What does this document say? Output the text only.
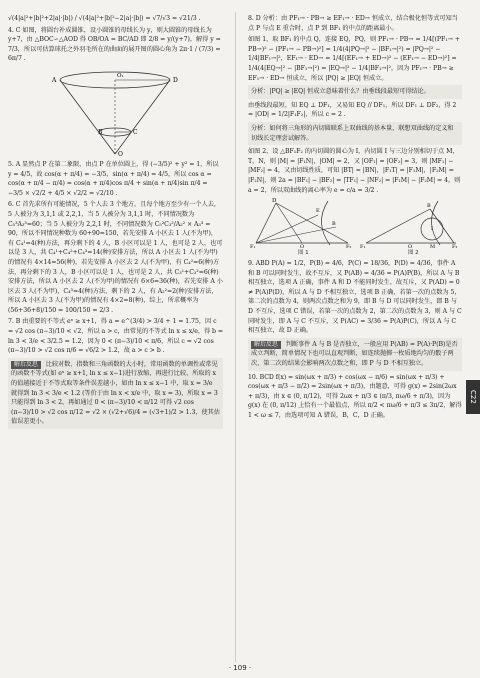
√(4|a|²+|b|²+2|a|·|b|) / √(4|a|²+|b|²−2|a|·|b|) = √7/√3 = √21/3 .

4. C 如图，将圆台补成圆锥，设小圆锥的母线长为 y，则大圆锥的母线长为 y+7，由 △BOC∽△AOD 得 OB/OA = BC/AD 即 2/8 = y/(y+7)，解得 y = 7/3，所以可估算球托之外羽毛所在的曲面的展开图的圆心角为 2π·1 / (7/3) = 6π/7 .

A	D
O₁
B	C
O

5. A 显然点 P 在第二象限，由点 P 在单位圆上，得 (−3/5)² + y² = 1，所以 y = 4/5，故 cos(α + π/4) = −3/5，sin(α + π/4) = 4/5，所以 cos α = cos(α + π/4 − π/4) = cos(α + π/4)cos π/4 + sin(α + π/4)sin π/4 = −3/5 × √2/2 + 4/5 × √2/2 = √2/10 .

6. C 首先求所有可能情况，5 个人去 3 个地方，且每个地方至少有一个人去，5 人被分为 3,1,1 或 2,2,1，当 5 人被分为 3,1,1 时，不同情况数为 C₅³A₃³=60；当 5 人被分为 2,2,1 时，不同情况数为 C₅²C₃²/A₂² × A₃³ = 90，所以不同情况种数为 60+90=150，若先安排 A 小区去 1 人(不为甲)，有 C₄¹=4(种)方法，再分剩下的 4 人，B 小区可以是 1 人，也可是 2 人，也可以是 3 人，共 C₄¹+C₄²+C₄³=14(种)安排方法，所以 A 小区去 1 人(不为甲)的情况有 4×14=56(种)，若先安排 A 小区去 2 人(不为甲)，有 C₄²=6(种)方法，再分剩下的 3 人，B 小区可以是 1 人，也可是 2 人，共 C₃¹+C₃²=6(种)安排方法，所以 A 小区去 2 人(不为甲)的情况有 6×6=36(种)，若先安排 A 小区去 3 人(不为甲)，C₄³=4(种)方法，剩下的 2 人，有 A₂²=2(种)安排方法，所以 A 小区去 3 人(不为甲)的情况有 4×2=8(种)，综上，所求概率为 (56+36+8)/150 = 100/150 = 2/3 .

7. B 由重要的不等式 eˣ ≥ x+1，得 a = e^(3/4) > 3/4 + 1 = 1.75，因 c = √2 cos (π−3)/10 < √2，所以 a > c，由常见的不等式 ln x ≤ x/e，得 b = ln 3 < 3/e < 3/2.5 = 1.2，因为 0 < (π−3)/10 < π/6，所以 c = √2 cos (π−3)/10 > √2 cos π/6 = √6/2 > 1.2，故 a > c > b .

解后反思 比较对数、指数和三角函数的大小时，常用函数的单调性或常见的函数不等式(如 eˣ ≥ x+1, ln x ≤ x−1)进行放缩，再进行比较，所取的 x 的值越接近于不等式取等条件误差越小，如由 ln x ≤ x−1 中，取 x = 3/e 就得到 ln 3 < 3/e < 1.2 (等价于由 ln x < x/e 中，取 x = 3)，所取 x = 3 只能得到 ln 3 < 2，再如通过 0 < (π−3)/10 < π/12 可得 √2 cos (π−3)/10 > √2 cos π/12 = √2 × (√2+√6)/4 = (√3+1)/2 > 1.3，使其估值误差更小。

8. D 分析：由 PF₁→ · PB→ ≥ EF₁→ · ED→ 恒成立，结合极化恒等式可知当点 P 与点 E 重合时，点 P 到 BF₁ 的中点的距离最小。

如图 1，取 BF₁ 的中点 Q，连接 EQ，PQ，则 PF₁→ · PB→ = 1/4[(PF₁→ + PB→)² − (PF₁→ − PB→)²] = 1/4(4|PQ→|² − |BF₁→|²) = |PQ→|² − 1/4|BF₁→|²，EF₁→ · ED→ = 1/4[(EF₁→ + ED→)² − (EF₁→ − ED→)²] = 1/4(4|EQ→|² − |BF₁→|²) = |EQ→|² − 1/4|BF₁→|²，因为 PF₁→ · PB→ ≥ EF₁→ · ED→ 恒成立，所以 |PQ| ≥ |EQ| 恒成立。

分析：|PQ| ≥ |EQ| 恒成立意味着什么？由垂线段最短可得结论。

由垂线段最短，知 EQ ⊥ DF₁，又易知 EQ // DF₁，所以 DF₁ ⊥ DF₂，得 2 = |OD| = 1/2|F₁F₂|，所以 c = 2 .

分析：如何将三角形的内切圆联系上双曲线的基本量，联想双曲线的定义和切线长定理尝试解答。

如图 2，设 △BF₁F₂ 的内切圆的圆心为 I，内切圆 I 与三边分别相切于点 M，T，N，则 |M| = |F₁N|，|OM| = 2，又 |OF₁| = |OF₂| = 3，则 |MF₁| − |MF₂| = 4，又由切线性质，可知 |BT| = |BN|，|F₁T| = |F₁M|，|F₂M| = |F₂N|，则 2a = |BF₁| − |BF₂| = |TF₁| − |NF₂| = |F₁M| − |F₂M| = 4，则 a = 2，所以双曲线的离心率为 e = c/a = 3/2 .

D
F₁	O	F₂
B
E
B
I
F₁	O	M	F₂
图 1	图 2

9. ABD P(A) = 1/2，P(B) = 4/6，P(C) = 18/36，P(D) = 4/36，事件 A 和 B 可以同时发生，故不互斥，又 P(AB) = 4/36 = P(A)P(B)，所以 A 与 B 相互独立，选项 A 正确，事件 A 和 D 不能同时发生，故互斥，又 P(AD) = 0 ≠ P(A)P(D)，所以 A 与 D 不相互独立，选项 B 正确，若第一次的点数为 5，第二次的点数为 4，则两次点数之和为 9，即 B 与 D 可以同时发生，即 B 与 D 不互斥，选项 C 错误，若第一次的点数为 2，第二次的点数为 3，则 A 与 C 同时发生，即 A 与 C 不互斥，又 P(AC) = 3/36 = P(A)P(C)，所以 A 与 C 相互独立，故 D 正确。

解后反思 判断事件 A 与 B 是否独立，一般应用 P(AB) = P(A)·P(B)是否成立判断，简单情况下也可以直观判断，如连续抛掷一枚质地均匀的骰子两次，第二次的结果会影响两次点数之和，即 P 与 D 不相互独立。

10. BCD f(x) = sin(ωx + π/3) + cos(ωx − π/6) = sin(ωx + π/3) + cos(ωx + π/3 − π/2) = 2sin(ωx + π/3)，由题意，可得 g(x) = 2sin(2ωx + π/3)，由 x ∈ (0, π/12)，可得 2ωx + π/3 ∈ (π/3, πω/6 + π/3)，因为 g(x) 在 (0, π/12) 上恰有一个最值点，所以 π/2 < πω/6 + π/3 ≤ 3π/2，解得 1 < ω ≤ 7，由选项可知 A 错误，B，C，D 正确。

C22
· 109 ·
